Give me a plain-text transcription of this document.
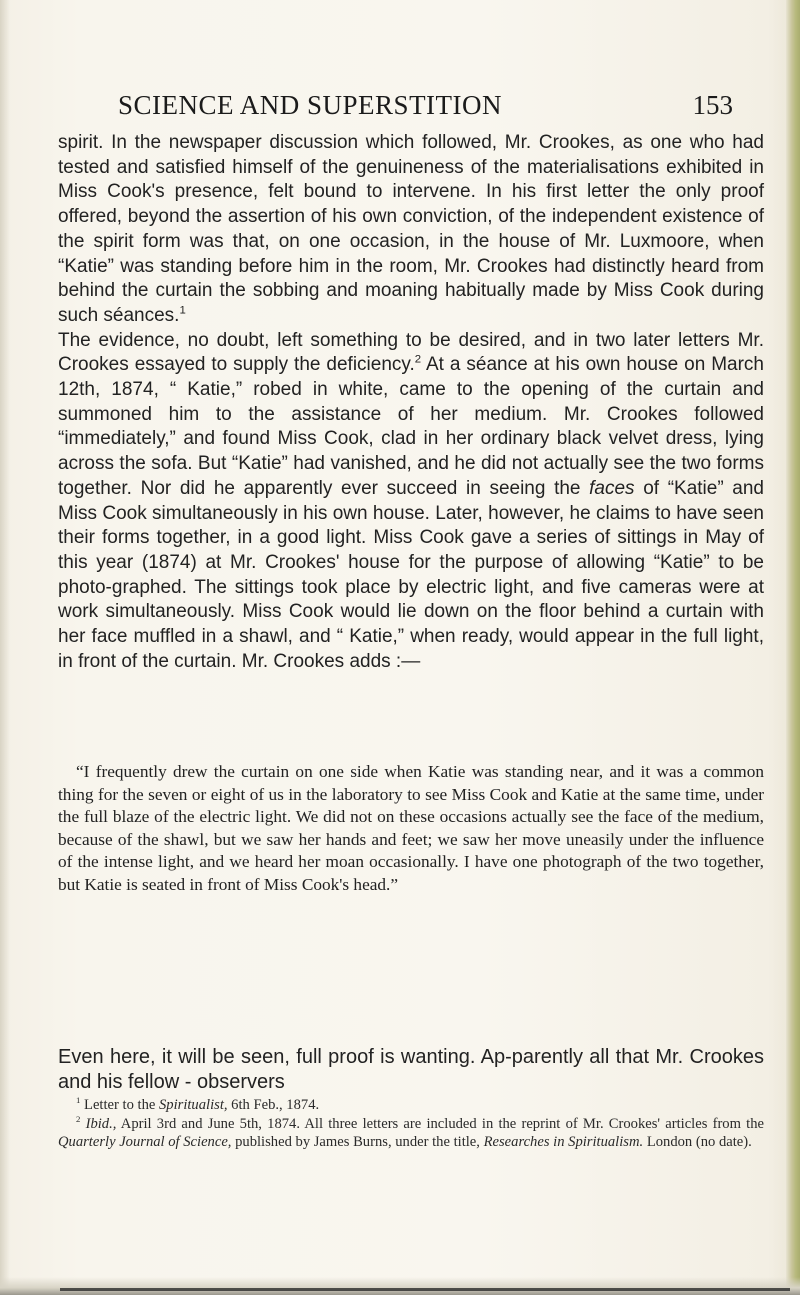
SCIENCE AND SUPERSTITION	153

spirit. In the newspaper discussion which followed, Mr. Crookes, as one who had tested and satisfied himself of the genuineness of the materialisations exhibited in Miss Cook's presence, felt bound to intervene. In his first letter the only proof offered, beyond the assertion of his own conviction, of the independent existence of the spirit form was that, on one occasion, in the house of Mr. Luxmoore, when “Katie” was standing before him in the room, Mr. Crookes had distinctly heard from behind the curtain the sobbing and moaning habitually made by Miss Cook during such séances.$^1$

The evidence, no doubt, left something to be desired, and in two later letters Mr. Crookes essayed to supply the deficiency.$^2$ At a séance at his own house on March 12th, 1874, “ Katie,” robed in white, came to the opening of the curtain and summoned him to the assistance of her medium. Mr. Crookes followed “immediately,” and found Miss Cook, clad in her ordinary black velvet dress, lying across the sofa. But “Katie” had vanished, and he did not actually see the two forms together. Nor did he apparently ever succeed in seeing the faces of “Katie” and Miss Cook simultaneously in his own house. Later, however, he claims to have seen their forms together, in a good light. Miss Cook gave a series of sittings in May of this year (1874) at Mr. Crookes' house for the purpose of allowing “Katie” to be photo-graphed. The sittings took place by electric light, and five cameras were at work simultaneously. Miss Cook would lie down on the floor behind a curtain with her face muffled in a shawl, and “ Katie,” when ready, would appear in the full light, in front of the curtain. Mr. Crookes adds :—

“I frequently drew the curtain on one side when Katie was standing near, and it was a common thing for the seven or eight of us in the laboratory to see Miss Cook and Katie at the same time, under the full blaze of the electric light. We did not on these occasions actually see the face of the medium, because of the shawl, but we saw her hands and feet; we saw her move uneasily under the influence of the intense light, and we heard her moan occasionally. I have one photograph of the two together, but Katie is seated in front of Miss Cook's head.”

Even here, it will be seen, full proof is wanting. Ap-parently all that Mr. Crookes and his fellow - observers

$^1$ Letter to the Spiritualist, 6th Feb., 1874.

$^2$ Ibid., April 3rd and June 5th, 1874. All three letters are included in the reprint of Mr. Crookes' articles from the Quarterly Journal of Science, published by James Burns, under the title, Researches in Spiritualism. London (no date).
